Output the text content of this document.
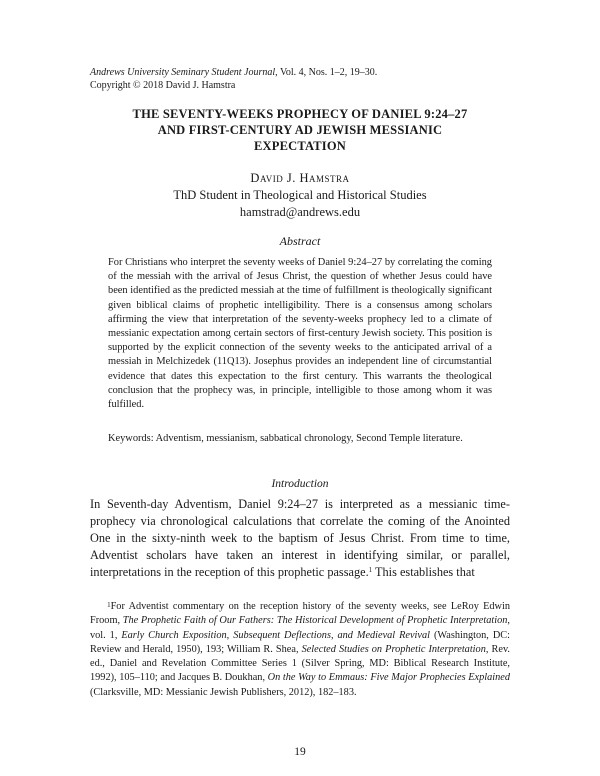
Andrews University Seminary Student Journal, Vol. 4, Nos. 1–2, 19–30.
Copyright © 2018 David J. Hamstra
THE SEVENTY-WEEKS PROPHECY OF DANIEL 9:24–27
AND FIRST-CENTURY AD JEWISH MESSIANIC
EXPECTATION
David J. Hamstra
ThD Student in Theological and Historical Studies
hamstrad@andrews.edu
Abstract
For Christians who interpret the seventy weeks of Daniel 9:24–27 by correlating the coming of the messiah with the arrival of Jesus Christ, the question of whether Jesus could have been identified as the predicted messiah at the time of fulfillment is theologically significant given biblical claims of prophetic intelligibility. There is a consensus among scholars affirming the view that interpretation of the seventy-weeks prophecy led to a climate of messianic expectation among certain sectors of first-century Jewish society. This position is supported by the explicit connection of the seventy weeks to the anticipated arrival of a messiah in Melchizedek (11Q13). Josephus provides an independent line of circumstantial evidence that dates this expectation to the first century. This warrants the theological conclusion that the prophecy was, in principle, intelligible to those among whom it was fulfilled.
Keywords: Adventism, messianism, sabbatical chronology, Second Temple literature.
Introduction
In Seventh-day Adventism, Daniel 9:24–27 is interpreted as a messianic time-prophecy via chronological calculations that correlate the coming of the Anointed One in the sixty-ninth week to the baptism of Jesus Christ. From time to time, Adventist scholars have taken an interest in identifying similar, or parallel, interpretations in the reception of this prophetic passage.$^1$ This establishes that
$^1$For Adventist commentary on the reception history of the seventy weeks, see LeRoy Edwin Froom, The Prophetic Faith of Our Fathers: The Historical Development of Prophetic Interpretation, vol. 1, Early Church Exposition, Subsequent Deflections, and Medieval Revival (Washington, DC: Review and Herald, 1950), 193; William R. Shea, Selected Studies on Prophetic Interpretation, Rev. ed., Daniel and Revelation Committee Series 1 (Silver Spring, MD: Biblical Research Institute, 1992), 105–110; and Jacques B. Doukhan, On the Way to Emmaus: Five Major Prophecies Explained (Clarksville, MD: Messianic Jewish Publishers, 2012), 182–183.
19
